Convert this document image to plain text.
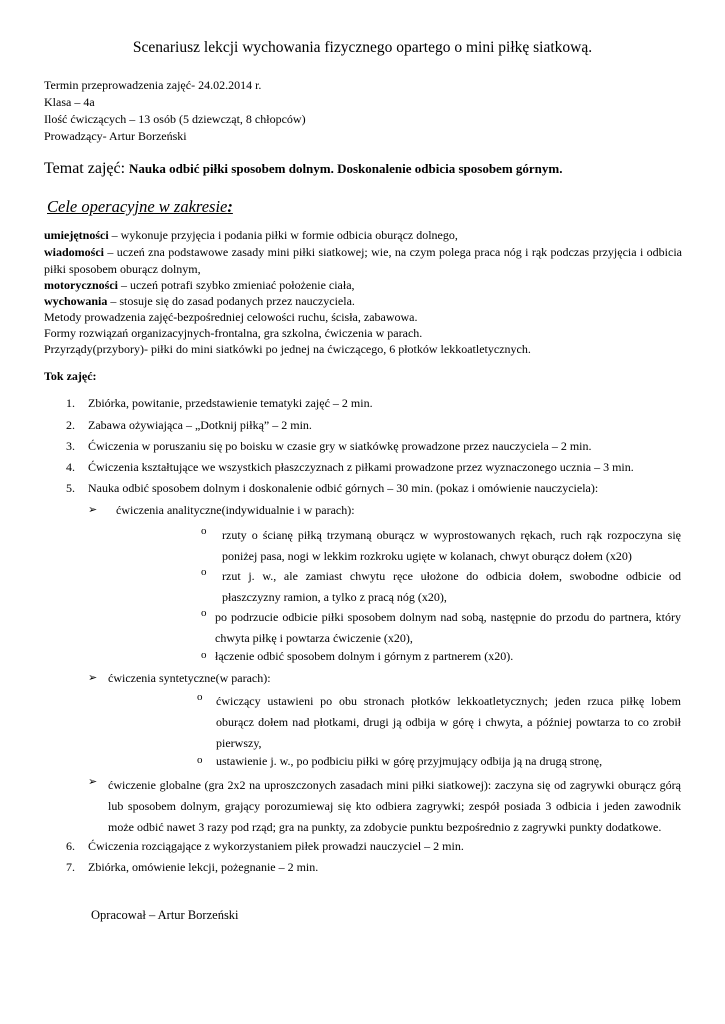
Scenariusz lekcji wychowania fizycznego opartego o mini piłkę siatkową.
Termin przeprowadzenia zajęć- 24.02.2014 r.
Klasa – 4a
Ilość ćwiczących – 13 osób (5 dziewcząt, 8 chłopców)
Prowadzący- Artur Borzeński
Temat zajęć: Nauka odbić piłki sposobem dolnym. Doskonalenie odbicia sposobem górnym.
Cele operacyjne w zakresie:
umiejętności – wykonuje przyjęcia i podania piłki w formie odbicia oburącz dolnego,
wiadomości – uczeń zna podstawowe zasady mini piłki siatkowej; wie, na czym polega praca nóg i rąk podczas przyjęcia i odbicia piłki sposobem oburącz dolnym,
motoryczności – uczeń potrafi szybko zmieniać położenie ciała,
wychowania – stosuje się do zasad podanych przez nauczyciela.
Metody prowadzenia zajęć-bezpośredniej celowości ruchu, ścisła, zabawowa.
Formy rozwiązań organizacyjnych-frontalna, gra szkolna, ćwiczenia w parach.
Przyrządy(przybory)- piłki do mini siatkówki po jednej na ćwiczącego, 6 płotków lekkoatletycznych.
Tok zajęć:
1. Zbiórka, powitanie, przedstawienie tematyki zajęć – 2 min.
2. Zabawa ożywiająca – „Dotknij piłką” – 2 min.
3. Ćwiczenia w poruszaniu się po boisku w czasie gry w siatkówkę prowadzone przez nauczyciela – 2 min.
4. Ćwiczenia kształtujące we wszystkich płaszczyznach z piłkami prowadzone przez wyznaczonego ucznia – 3 min.
5. Nauka odbić sposobem dolnym i doskonalenie odbić górnych – 30 min. (pokaz i omówienie nauczyciela):
➢ ćwiczenia analityczne(indywidualnie i w parach):
o rzuty o ścianę piłką trzymaną oburącz w wyprostowanych rękach, ruch rąk rozpoczyna się poniżej pasa, nogi w lekkim rozkroku ugięte w kolanach, chwyt oburącz dołem (x20)
o rzut j. w., ale zamiast chwytu ręce ułożone do odbicia dołem, swobodne odbicie od płaszczyzny ramion, a tylko z pracą nóg (x20),
o po podrzucie odbicie piłki sposobem dolnym nad sobą, następnie do przodu do partnera, który chwyta piłkę i powtarza ćwiczenie (x20),
o łączenie odbić sposobem dolnym i górnym z partnerem (x20).
➢ ćwiczenia syntetyczne(w parach):
o ćwiczący ustawieni po obu stronach płotków lekkoatletycznych; jeden rzuca piłkę lobem oburącz dołem nad płotkami, drugi ją odbija w górę i chwyta, a później powtarza to co zrobił pierwszy,
o ustawienie j. w., po podbiciu piłki w górę przyjmujący odbija ją na drugą stronę,
➢ ćwiczenie globalne (gra 2x2 na uproszczonych zasadach mini piłki siatkowej): zaczyna się od zagrywki oburącz górą lub sposobem dolnym, grający porozumiewaj się kto odbiera zagrywki; zespół posiada 3 odbicia i jeden zawodnik może odbić nawet 3 razy pod rząd; gra na punkty, za zdobycie punktu bezpośrednio z zagrywki punkty dodatkowe.
6. Ćwiczenia rozciągające z wykorzystaniem piłek prowadzi nauczyciel – 2 min.
7. Zbiórka, omówienie lekcji, pożegnanie – 2 min.
Opracował – Artur Borzeński
